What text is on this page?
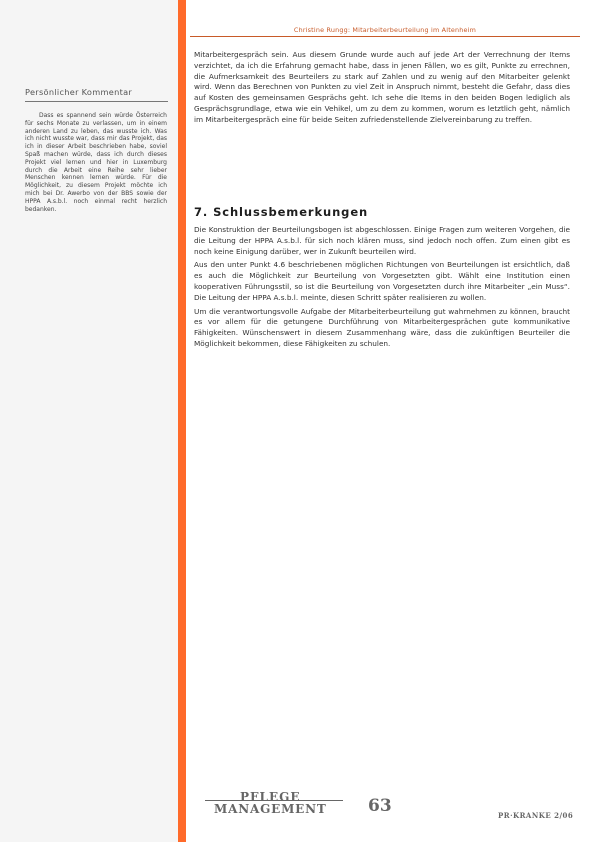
Christine Rungg: Mitarbeiterbeurteilung im Altenheim
Persönlicher Kommentar
Dass es spannend sein würde Österreich für sechs Monate zu verlassen, um in einem anderen Land zu leben, das wusste ich. Was ich nicht wusste war, dass mir das Projekt, das ich in dieser Arbeit beschrieben habe, soviel Spaß machen würde, dass ich durch dieses Projekt viel lernen und hier in Luxemburg durch die Arbeit eine Reihe sehr lieber Menschen kennen lernen würde. Für die Möglichkeit, zu diesem Projekt möchte ich mich bei Dr. Awerbo von der BBS sowie der HPPA A.s.b.l. noch einmal recht herzlich bedanken.

Mitarbeitergespräch sein. Aus diesem Grunde wurde auch auf jede Art der Verrechnung der Items verzichtet, da ich die Erfahrung gemacht habe, dass in jenen Fällen, wo es gilt, Punkte zu errechnen, die Aufmerksamkeit des Beurteilers zu stark auf Zahlen und zu wenig auf den Mitarbeiter gelenkt wird. Wenn das Berechnen von Punkten zu viel Zeit in Anspruch nimmt, besteht die Gefahr, dass dies auf Kosten des gemeinsamen Gesprächs geht. Ich sehe die Items in den beiden Bogen lediglich als Gesprächsgrundlage, etwa wie ein Vehikel, um zu dem zu kommen, worum es letztlich geht, nämlich im Mitarbeitergespräch eine für beide Seiten zufriedenstellende Zielvereinbarung zu treffen.

7. Schlussbemerkungen

Die Konstruktion der Beurteilungsbogen ist abgeschlossen. Einige Fragen zum weiteren Vorgehen, die die Leitung der HPPA A.s.b.l. für sich noch klären muss, sind jedoch noch offen. Zum einen gibt es noch keine Einigung darüber, wer in Zukunft beurteilen wird.

Aus den unter Punkt 4.6 beschriebenen möglichen Richtungen von Beurteilungen ist ersichtlich, daß es auch die Möglichkeit zur Beurteilung von Vorgesetzten gibt. Wählt eine Institution einen kooperativen Führungsstil, so ist die Beurteilung von Vorgesetzten durch ihre Mitarbeiter „ein Muss“. Die Leitung der HPPA A.s.b.l. meinte, diesen Schritt später realisieren zu wollen.

Um die verantwortungsvolle Aufgabe der Mitarbeiterbeurteilung gut wahrnehmen zu können, braucht es vor allem für die getungene Durchführung von Mitarbeitergesprächen gute kommunikative Fähigkeiten. Wünschenswert in diesem Zusammenhang wäre, dass die zukünftigen Beurteiler die Möglichkeit bekommen, diese Fähigkeiten zu schulen.

PFLEGE
MANAGEMENT 63	PR·KRANKE 2/06
